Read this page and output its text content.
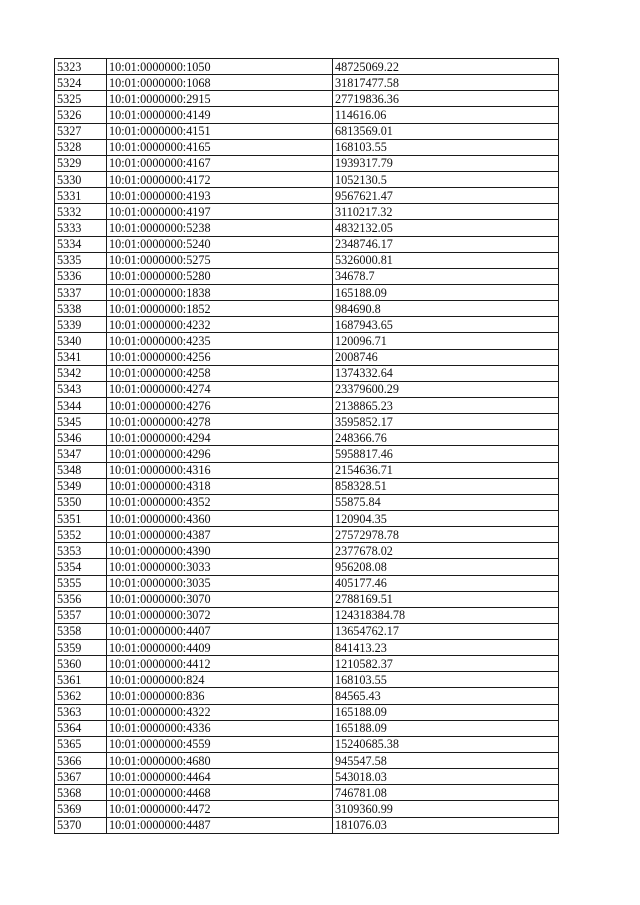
5323	10:01:0000000:1050	48725069.22
5324	10:01:0000000:1068	31817477.58
5325	10:01:0000000:2915	27719836.36
5326	10:01:0000000:4149	114616.06
5327	10:01:0000000:4151	6813569.01
5328	10:01:0000000:4165	168103.55
5329	10:01:0000000:4167	1939317.79
5330	10:01:0000000:4172	1052130.5
5331	10:01:0000000:4193	9567621.47
5332	10:01:0000000:4197	3110217.32
5333	10:01:0000000:5238	4832132.05
5334	10:01:0000000:5240	2348746.17
5335	10:01:0000000:5275	5326000.81
5336	10:01:0000000:5280	34678.7
5337	10:01:0000000:1838	165188.09
5338	10:01:0000000:1852	984690.8
5339	10:01:0000000:4232	1687943.65
5340	10:01:0000000:4235	120096.71
5341	10:01:0000000:4256	2008746
5342	10:01:0000000:4258	1374332.64
5343	10:01:0000000:4274	23379600.29
5344	10:01:0000000:4276	2138865.23
5345	10:01:0000000:4278	3595852.17
5346	10:01:0000000:4294	248366.76
5347	10:01:0000000:4296	5958817.46
5348	10:01:0000000:4316	2154636.71
5349	10:01:0000000:4318	858328.51
5350	10:01:0000000:4352	55875.84
5351	10:01:0000000:4360	120904.35
5352	10:01:0000000:4387	27572978.78
5353	10:01:0000000:4390	2377678.02
5354	10:01:0000000:3033	956208.08
5355	10:01:0000000:3035	405177.46
5356	10:01:0000000:3070	2788169.51
5357	10:01:0000000:3072	124318384.78
5358	10:01:0000000:4407	13654762.17
5359	10:01:0000000:4409	841413.23
5360	10:01:0000000:4412	1210582.37
5361	10:01:0000000:824	168103.55
5362	10:01:0000000:836	84565.43
5363	10:01:0000000:4322	165188.09
5364	10:01:0000000:4336	165188.09
5365	10:01:0000000:4559	15240685.38
5366	10:01:0000000:4680	945547.58
5367	10:01:0000000:4464	543018.03
5368	10:01:0000000:4468	746781.08
5369	10:01:0000000:4472	3109360.99
5370	10:01:0000000:4487	181076.03
